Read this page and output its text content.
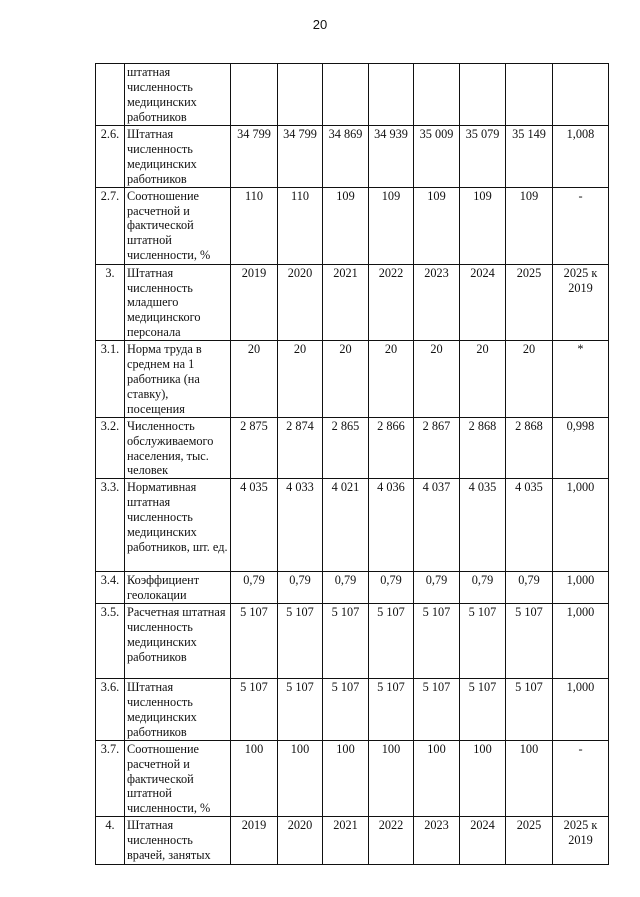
20
	штатная численность медицинских работников								
2.6.	Штатная численность медицинских работников	34 799	34 799	34 869	34 939	35 009	35 079	35 149	1,008
2.7.	Соотношение расчетной и фактической штатной численности, %	110	110	109	109	109	109	109	-
3.	Штатная численность младшего медицинского персонала	2019	2020	2021	2022	2023	2024	2025	2025 к 2019
3.1.	Норма труда в среднем на 1 работника (на ставку), посещения	20	20	20	20	20	20	20	*
3.2.	Численность обслуживаемого населения, тыс. человек	2 875	2 874	2 865	2 866	2 867	2 868	2 868	0,998
3.3.	Нормативная штатная численность медицинских работников, шт. ед.	4 035	4 033	4 021	4 036	4 037	4 035	4 035	1,000
3.4.	Коэффициент геолокации	0,79	0,79	0,79	0,79	0,79	0,79	0,79	1,000
3.5.	Расчетная штатная численность медицинских работников	5 107	5 107	5 107	5 107	5 107	5 107	5 107	1,000
3.6.	Штатная численность медицинских работников	5 107	5 107	5 107	5 107	5 107	5 107	5 107	1,000
3.7.	Соотношение расчетной и фактической штатной численности, %	100	100	100	100	100	100	100	-
4.	Штатная численность врачей, занятых	2019	2020	2021	2022	2023	2024	2025	2025 к 2019
